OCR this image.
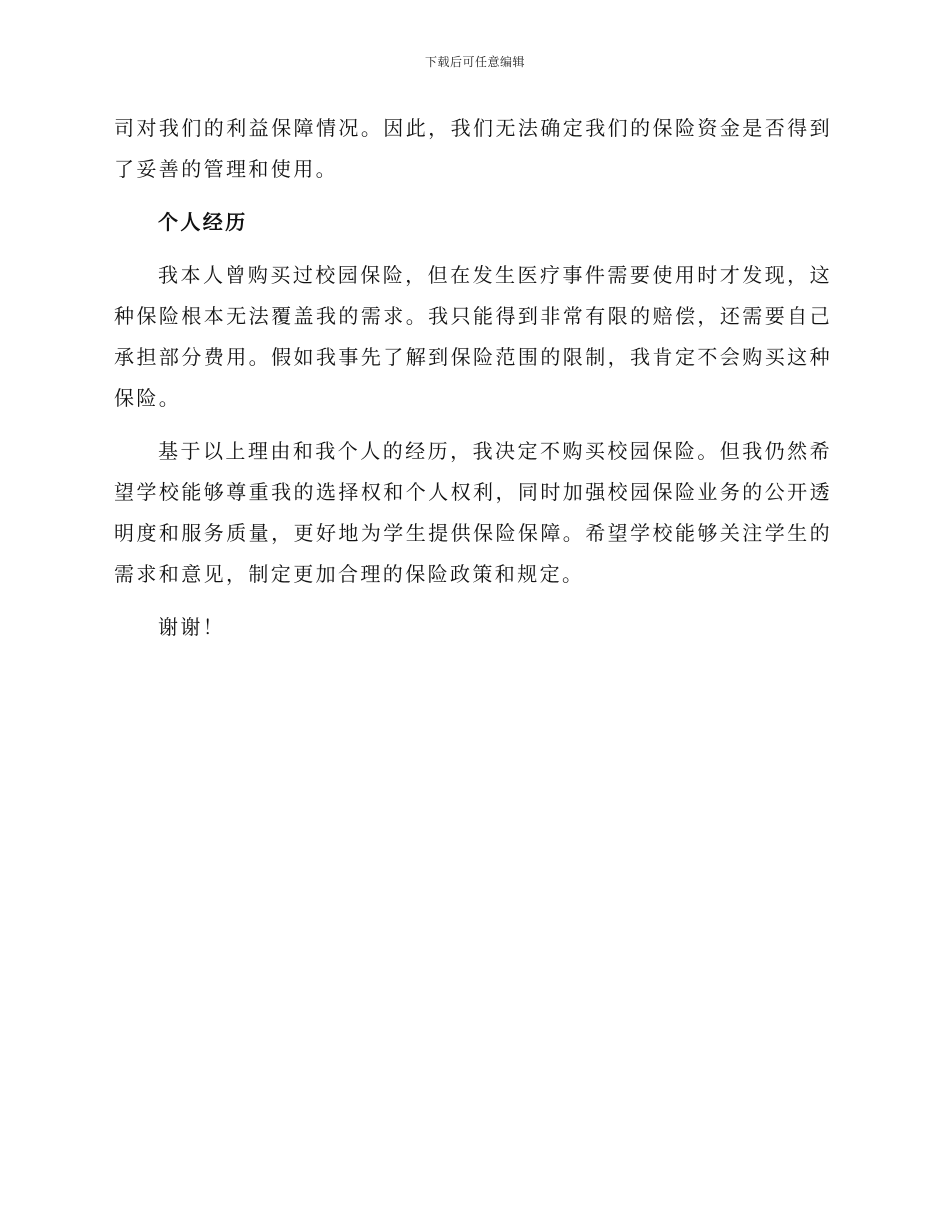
下载后可任意编辑

司对我们的利益保障情况。因此，我们无法确定我们的保险资金是否得到了妥善的管理和使用。

个人经历

我本人曾购买过校园保险，但在发生医疗事件需要使用时才发现，这种保险根本无法覆盖我的需求。我只能得到非常有限的赔偿，还需要自己承担部分费用。假如我事先了解到保险范围的限制，我肯定不会购买这种保险。

基于以上理由和我个人的经历，我决定不购买校园保险。但我仍然希望学校能够尊重我的选择权和个人权利，同时加强校园保险业务的公开透明度和服务质量，更好地为学生提供保险保障。希望学校能够关注学生的需求和意见，制定更加合理的保险政策和规定。

谢谢！
